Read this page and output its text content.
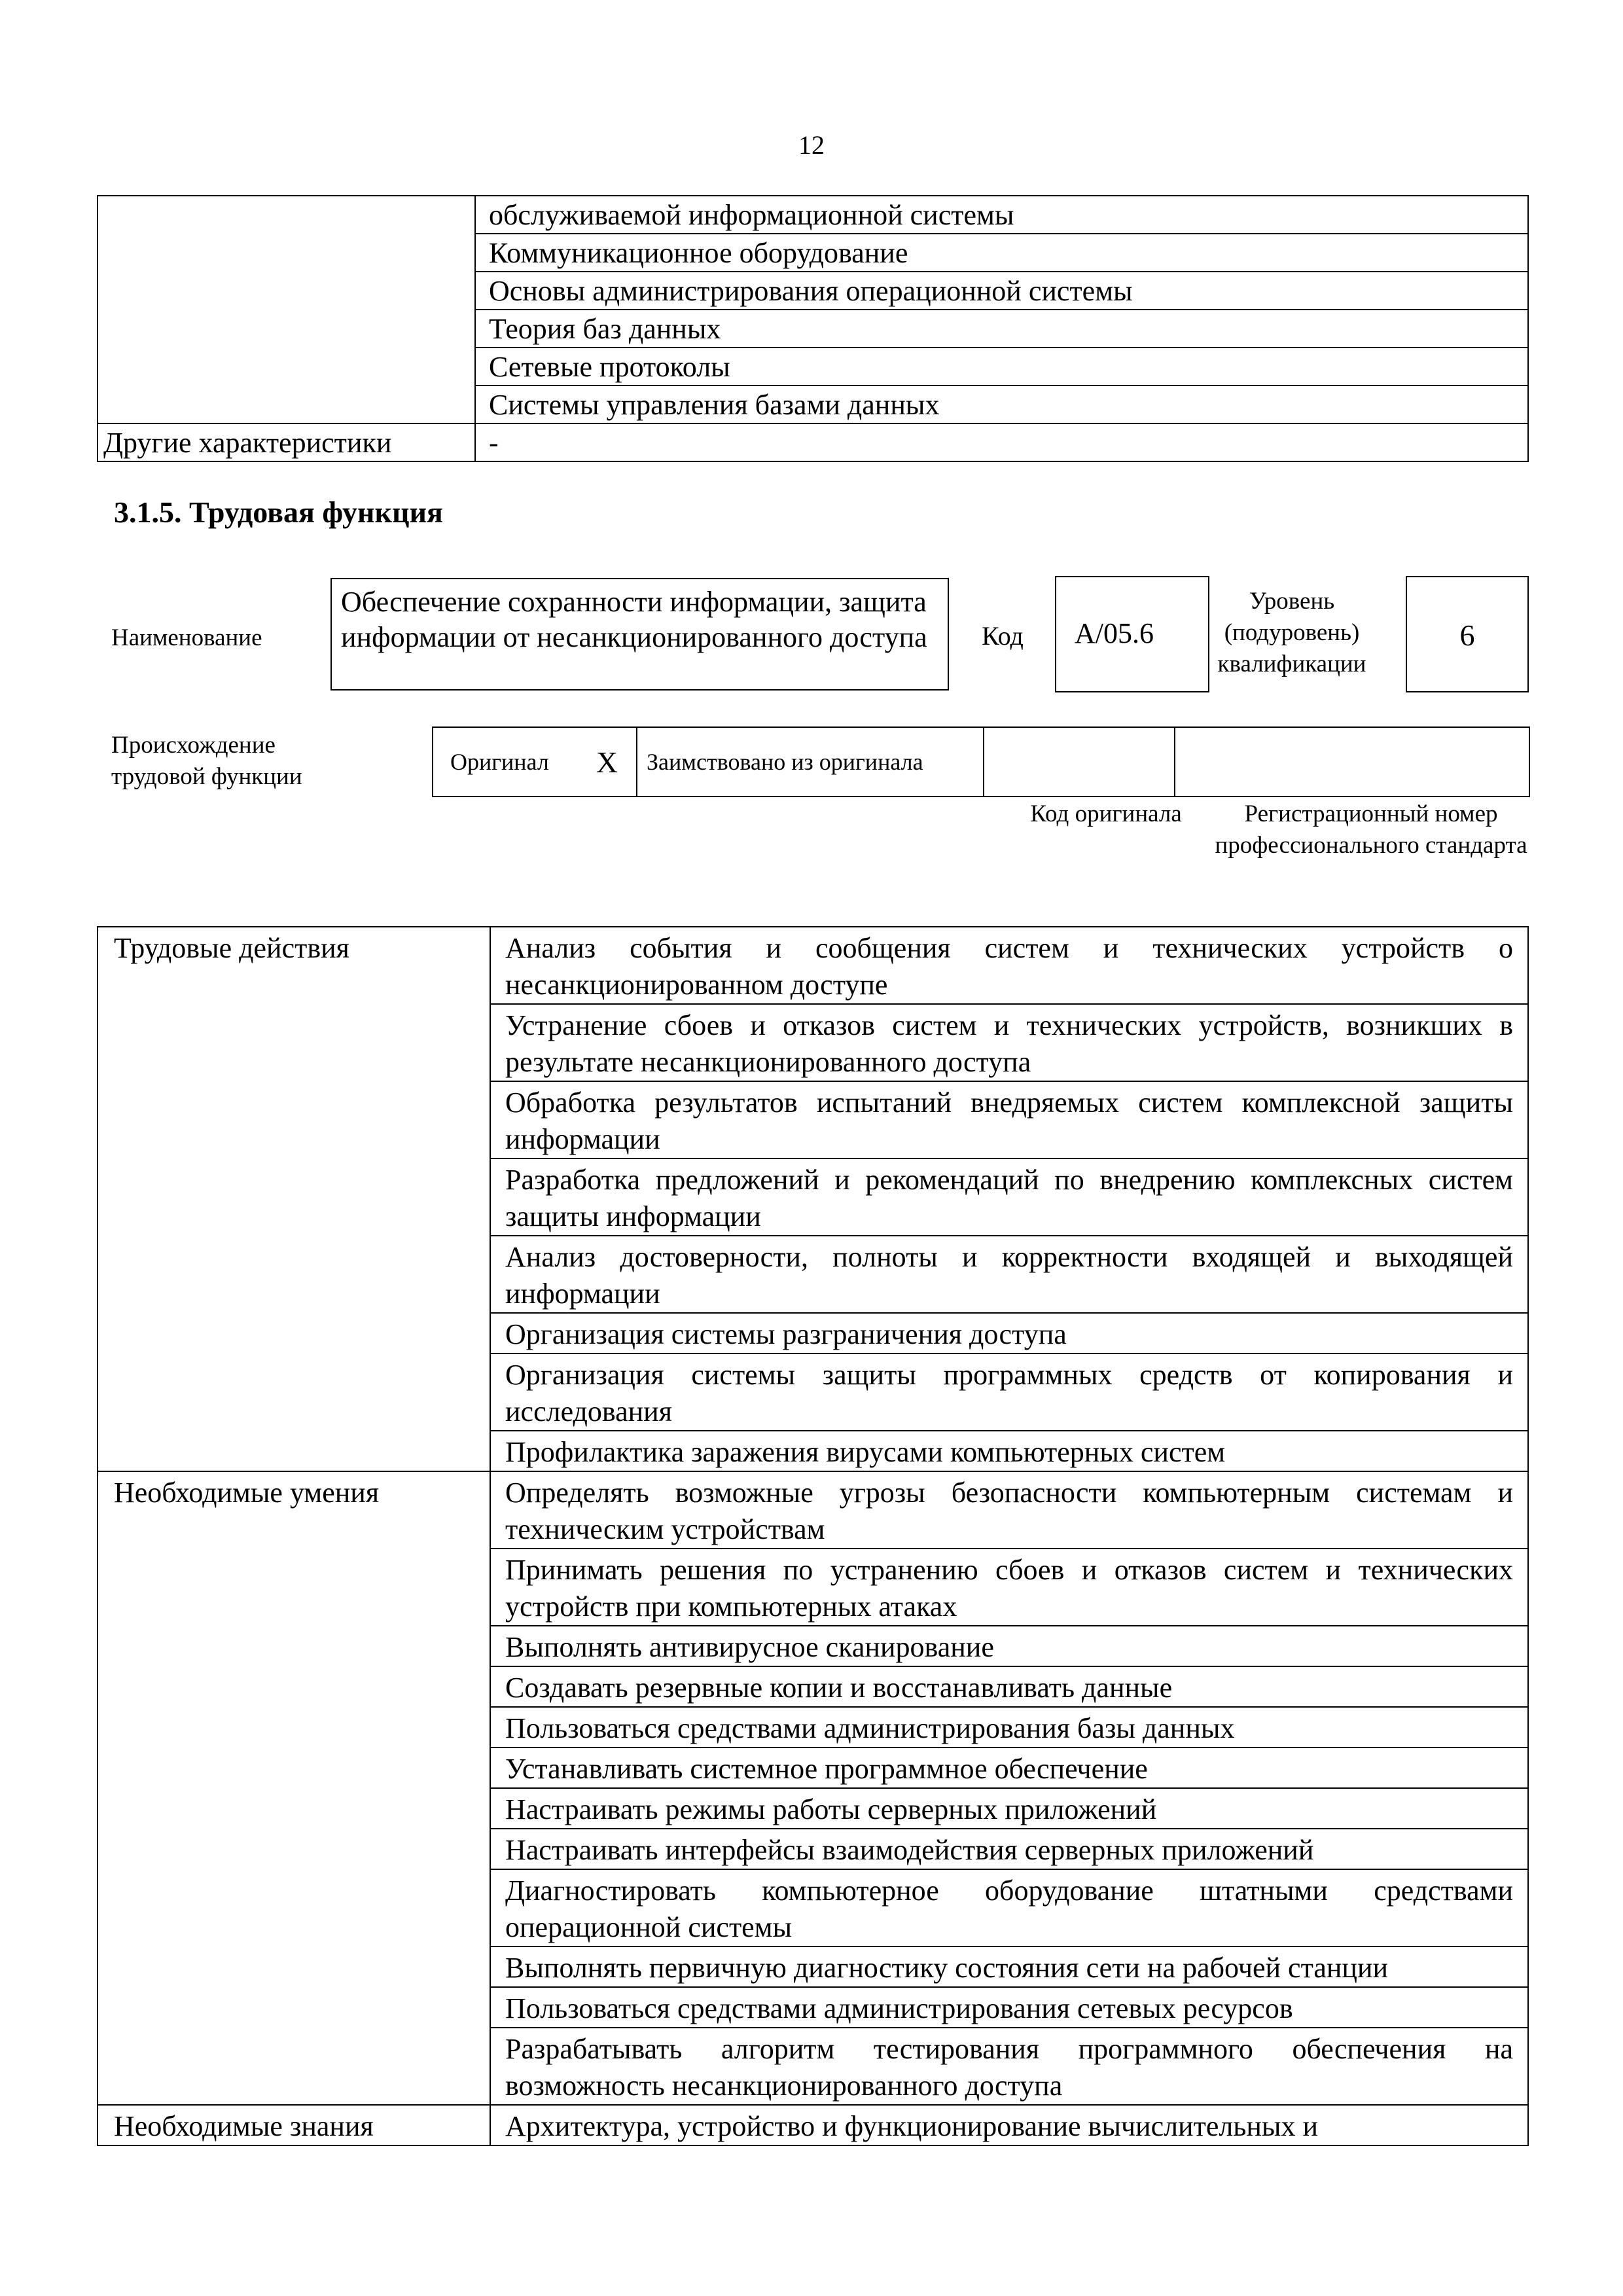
12
	обслуживаемой информационной системы
	Коммуникационное оборудование
	Основы администрирования операционной системы
	Теория баз данных
	Сетевые протоколы
	Системы управления базами данных
Другие характеристики	-
3.1.5. Трудовая функция
Наименование
Обеспечение сохранности информации, защита информации от несанкционированного доступа	Код	A/05.6
Уровень (подуровень) квалификации
6
Происхождение трудовой функции
Оригинал	X	Заимствовано из оригинала		
Код оригинала	Регистрационный номер профессионального стандарта
Трудовые действия	Анализ события и сообщения систем и технических устройств о несанкционированном доступе
	Устранение сбоев и отказов систем и технических устройств, возникших в результате несанкционированного доступа
	Обработка результатов испытаний внедряемых систем комплексной защиты информации
	Разработка предложений и рекомендаций по внедрению комплексных систем защиты информации
	Анализ достоверности, полноты и корректности входящей и выходящей информации
	Организация системы разграничения доступа
	Организация системы защиты программных средств от копирования и исследования
	Профилактика заражения вирусами компьютерных систем
Необходимые умения	Определять возможные угрозы безопасности компьютерным системам и техническим устройствам
	Принимать решения по устранению сбоев и отказов систем и технических устройств при компьютерных атаках
	Выполнять антивирусное сканирование
	Создавать резервные копии и восстанавливать данные
	Пользоваться средствами администрирования базы данных
	Устанавливать системное программное обеспечение
	Настраивать режимы работы серверных приложений
	Настраивать интерфейсы взаимодействия серверных приложений
	Диагностировать компьютерное оборудование штатными средствами операционной системы
	Выполнять первичную диагностику состояния сети на рабочей станции
	Пользоваться средствами администрирования сетевых ресурсов
	Разрабатывать алгоритм тестирования программного обеспечения на возможность несанкционированного доступа
Необходимые знания	Архитектура, устройство и функционирование вычислительных и
